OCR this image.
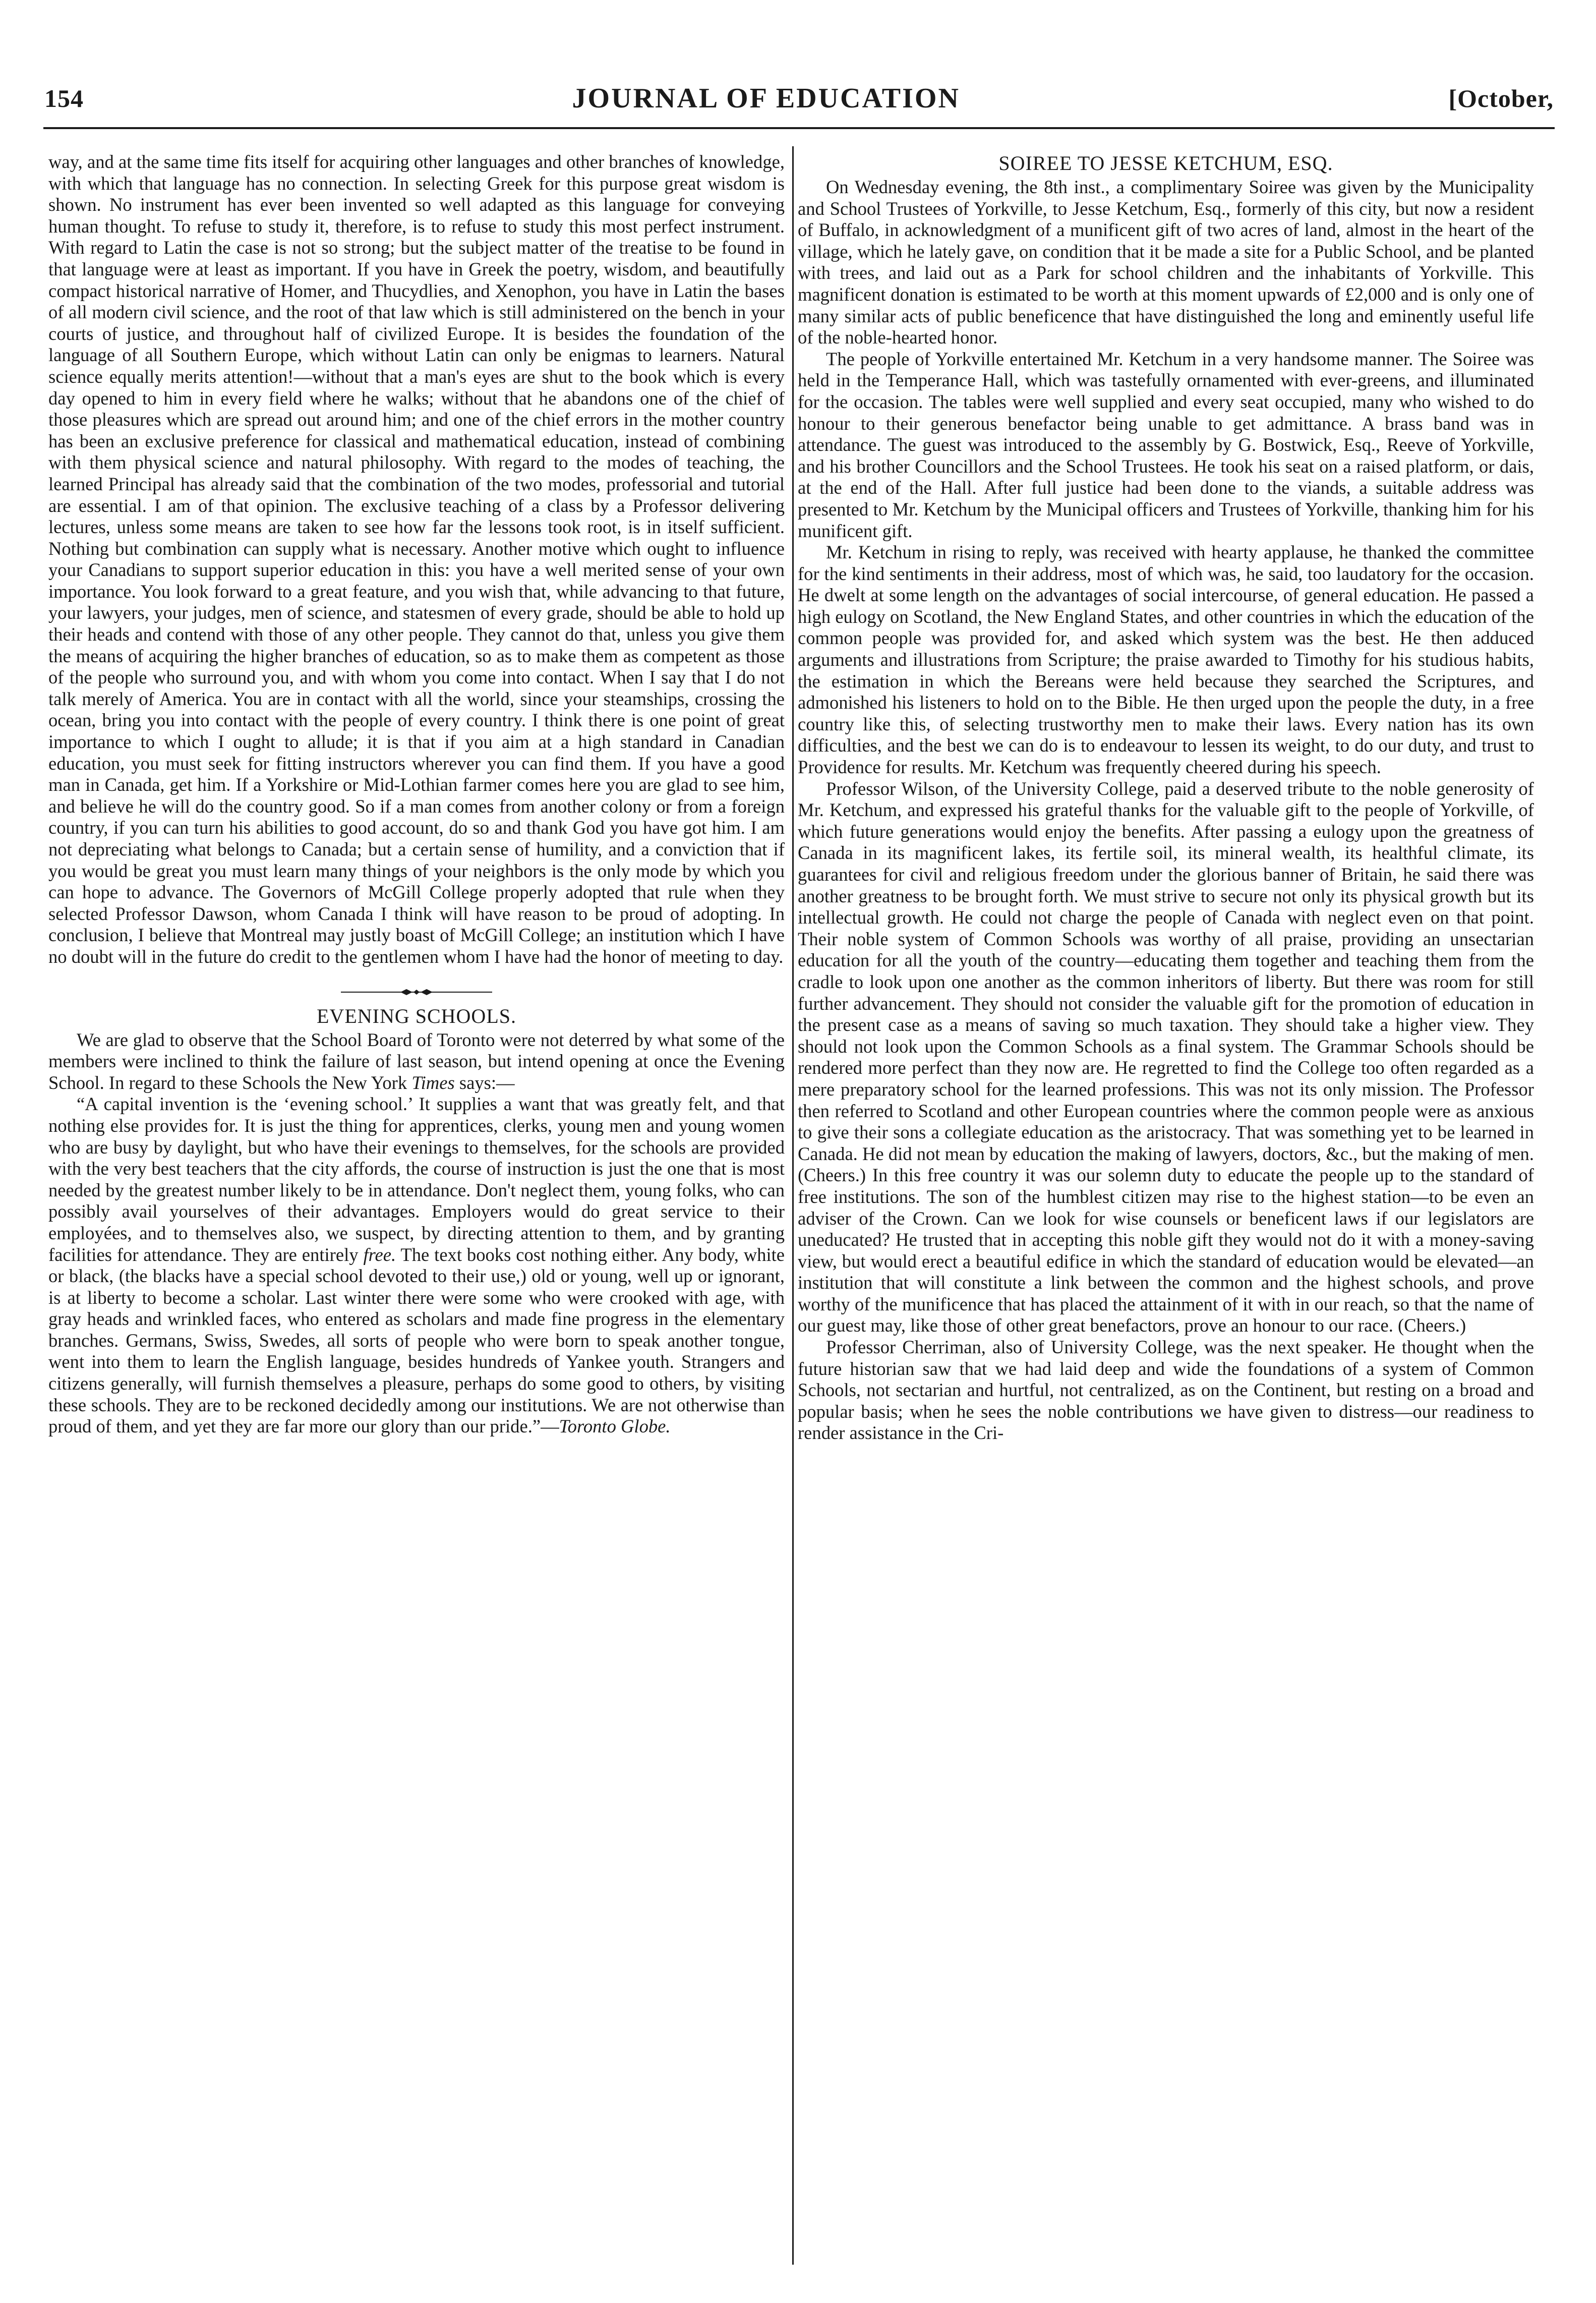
154	JOURNAL OF EDUCATION	[October,

way, and at the same time fits itself for acquiring other languages and other branches of knowledge, with which that language has no connection. In selecting Greek for this purpose great wisdom is shown. No instrument has ever been invented so well adapted as this language for conveying human thought. To refuse to study it, therefore, is to refuse to study this most perfect instrument. With regard to Latin the case is not so strong; but the subject matter of the treatise to be found in that language were at least as important. If you have in Greek the poetry, wisdom, and beautifully compact historical narrative of Homer, and Thucydlies, and Xenophon, you have in Latin the bases of all modern civil science, and the root of that law which is still administered on the bench in your courts of justice, and throughout half of civilized Europe. It is besides the foundation of the language of all Southern Europe, which without Latin can only be enigmas to learners. Natural science equally merits attention!—without that a man's eyes are shut to the book which is every day opened to him in every field where he walks; without that he abandons one of the chief of those pleasures which are spread out around him; and one of the chief errors in the mother country has been an exclusive preference for classical and mathematical education, instead of combining with them physical science and natural philosophy. With regard to the modes of teaching, the learned Principal has already said that the combination of the two modes, professorial and tutorial are essential. I am of that opinion. The exclusive teaching of a class by a Professor delivering lectures, unless some means are taken to see how far the lessons took root, is in itself sufficient. Nothing but combination can supply what is necessary. Another motive which ought to influence your Canadians to support superior education in this: you have a well merited sense of your own importance. You look forward to a great feature, and you wish that, while advancing to that future, your lawyers, your judges, men of science, and statesmen of every grade, should be able to hold up their heads and contend with those of any other people. They cannot do that, unless you give them the means of acquiring the higher branches of education, so as to make them as competent as those of the people who surround you, and with whom you come into contact. When I say that I do not talk merely of America. You are in contact with all the world, since your steamships, crossing the ocean, bring you into contact with the people of every country. I think there is one point of great importance to which I ought to allude; it is that if you aim at a high standard in Canadian education, you must seek for fitting instructors wherever you can find them. If you have a good man in Canada, get him. If a Yorkshire or Mid-Lothian farmer comes here you are glad to see him, and believe he will do the country good. So if a man comes from another colony or from a foreign country, if you can turn his abilities to good account, do so and thank God you have got him. I am not depreciating what belongs to Canada; but a certain sense of humility, and a conviction that if you would be great you must learn many things of your neighbors is the only mode by which you can hope to advance. The Governors of McGill College properly adopted that rule when they selected Professor Dawson, whom Canada I think will have reason to be proud of adopting. In conclusion, I believe that Montreal may justly boast of McGill College; an institution which I have no doubt will in the future do credit to the gentlemen whom I have had the honor of meeting to day.

EVENING SCHOOLS.

We are glad to observe that the School Board of Toronto were not deterred by what some of the members were inclined to think the failure of last season, but intend opening at once the Evening School. In regard to these Schools the New York Times says:—

“A capital invention is the ‘evening school.’ It supplies a want that was greatly felt, and that nothing else provides for. It is just the thing for apprentices, clerks, young men and young women who are busy by daylight, but who have their evenings to themselves, for the schools are provided with the very best teachers that the city affords, the course of instruction is just the one that is most needed by the greatest number likely to be in attendance. Don't neglect them, young folks, who can possibly avail yourselves of their advantages. Employers would do great service to their employées, and to themselves also, we suspect, by directing attention to them, and by granting facilities for attendance. They are entirely free. The text books cost nothing either. Any body, white or black, (the blacks have a special school devoted to their use,) old or young, well up or ignorant, is at liberty to become a scholar. Last winter there were some who were crooked with age, with gray heads and wrinkled faces, who entered as scholars and made fine progress in the elementary branches. Germans, Swiss, Swedes, all sorts of people who were born to speak another tongue, went into them to learn the English language, besides hundreds of Yankee youth. Strangers and citizens generally, will furnish themselves a pleasure, perhaps do some good to others, by visiting these schools. They are to be reckoned decidedly among our institutions. We are not otherwise than proud of them, and yet they are far more our glory than our pride.”—Toronto Globe.

SOIREE TO JESSE KETCHUM, ESQ.

On Wednesday evening, the 8th inst., a complimentary Soiree was given by the Municipality and School Trustees of Yorkville, to Jesse Ketchum, Esq., formerly of this city, but now a resident of Buffalo, in acknowledgment of a munificent gift of two acres of land, almost in the heart of the village, which he lately gave, on condition that it be made a site for a Public School, and be planted with trees, and laid out as a Park for school children and the inhabitants of Yorkville. This magnificent donation is estimated to be worth at this moment upwards of £2,000 and is only one of many similar acts of public beneficence that have distinguished the long and eminently useful life of the noble-hearted honor.

The people of Yorkville entertained Mr. Ketchum in a very handsome manner. The Soiree was held in the Temperance Hall, which was tastefully ornamented with ever-greens, and illuminated for the occasion. The tables were well supplied and every seat occupied, many who wished to do honour to their generous benefactor being unable to get admittance. A brass band was in attendance. The guest was introduced to the assembly by G. Bostwick, Esq., Reeve of Yorkville, and his brother Councillors and the School Trustees. He took his seat on a raised platform, or dais, at the end of the Hall. After full justice had been done to the viands, a suitable address was presented to Mr. Ketchum by the Municipal officers and Trustees of Yorkville, thanking him for his munificent gift.

Mr. Ketchum in rising to reply, was received with hearty applause, he thanked the committee for the kind sentiments in their address, most of which was, he said, too laudatory for the occasion. He dwelt at some length on the advantages of social intercourse, of general education. He passed a high eulogy on Scotland, the New England States, and other countries in which the education of the common people was provided for, and asked which system was the best. He then adduced arguments and illustrations from Scripture; the praise awarded to Timothy for his studious habits, the estimation in which the Bereans were held because they searched the Scriptures, and admonished his listeners to hold on to the Bible. He then urged upon the people the duty, in a free country like this, of selecting trustworthy men to make their laws. Every nation has its own difficulties, and the best we can do is to endeavour to lessen its weight, to do our duty, and trust to Providence for results. Mr. Ketchum was frequently cheered during his speech.

Professor Wilson, of the University College, paid a deserved tribute to the noble generosity of Mr. Ketchum, and expressed his grateful thanks for the valuable gift to the people of Yorkville, of which future generations would enjoy the benefits. After passing a eulogy upon the greatness of Canada in its magnificent lakes, its fertile soil, its mineral wealth, its healthful climate, its guarantees for civil and religious freedom under the glorious banner of Britain, he said there was another greatness to be brought forth. We must strive to secure not only its physical growth but its intellectual growth. He could not charge the people of Canada with neglect even on that point. Their noble system of Common Schools was worthy of all praise, providing an unsectarian education for all the youth of the country—educating them together and teaching them from the cradle to look upon one another as the common inheritors of liberty. But there was room for still further advancement. They should not consider the valuable gift for the promotion of education in the present case as a means of saving so much taxation. They should take a higher view. They should not look upon the Common Schools as a final system. The Grammar Schools should be rendered more perfect than they now are. He regretted to find the College too often regarded as a mere preparatory school for the learned professions. This was not its only mission. The Professor then referred to Scotland and other European countries where the common people were as anxious to give their sons a collegiate education as the aristocracy. That was something yet to be learned in Canada. He did not mean by education the making of lawyers, doctors, &c., but the making of men. (Cheers.) In this free country it was our solemn duty to educate the people up to the standard of free institutions. The son of the humblest citizen may rise to the highest station—to be even an adviser of the Crown. Can we look for wise counsels or beneficent laws if our legislators are uneducated? He trusted that in accepting this noble gift they would not do it with a money-saving view, but would erect a beautiful edifice in which the standard of education would be elevated—an institution that will constitute a link between the common and the highest schools, and prove worthy of the munificence that has placed the attainment of it with in our reach, so that the name of our guest may, like those of other great benefactors, prove an honour to our race. (Cheers.)

Professor Cherriman, also of University College, was the next speaker. He thought when the future historian saw that we had laid deep and wide the foundations of a system of Common Schools, not sectarian and hurtful, not centralized, as on the Continent, but resting on a broad and popular basis; when he sees the noble contributions we have given to distress—our readiness to render assistance in the Cri-
